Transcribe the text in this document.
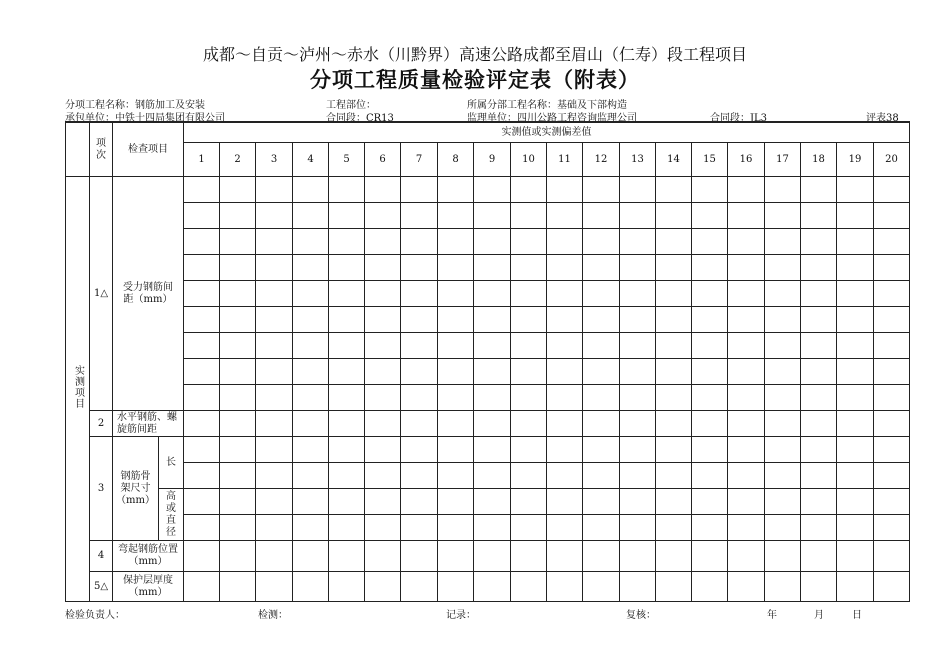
成都～自贡～泸州～赤水（川黔界）高速公路成都至眉山（仁寿）段工程项目
分项工程质量检验评定表（附表）
分项工程名称：钢筋加工及安装	工程部位：	所属分部工程名称：基础及下部构造
承包单位：中铁十四局集团有限公司	合同段：CR13	监理单位：四川公路工程咨询监理公司	合同段：JL3	评表38
	项次	检查项目		实测值或实测偏差值																			
				1	2	3	4	5	6	7	8	9	10	11	12	13	14	15	16	17	18	19	20
实测项目	1△	受力钢筋间距（mm）																					

	2	水平钢筋、螺旋筋间距																					
	3	钢筋骨架尺寸（mm）	长																				

			高或直径																				

	4	弯起钢筋位置（mm）																					
	5△	保护层厚度（mm）																					
检验负责人：	检测：	记录：	复核：	年	月	日
